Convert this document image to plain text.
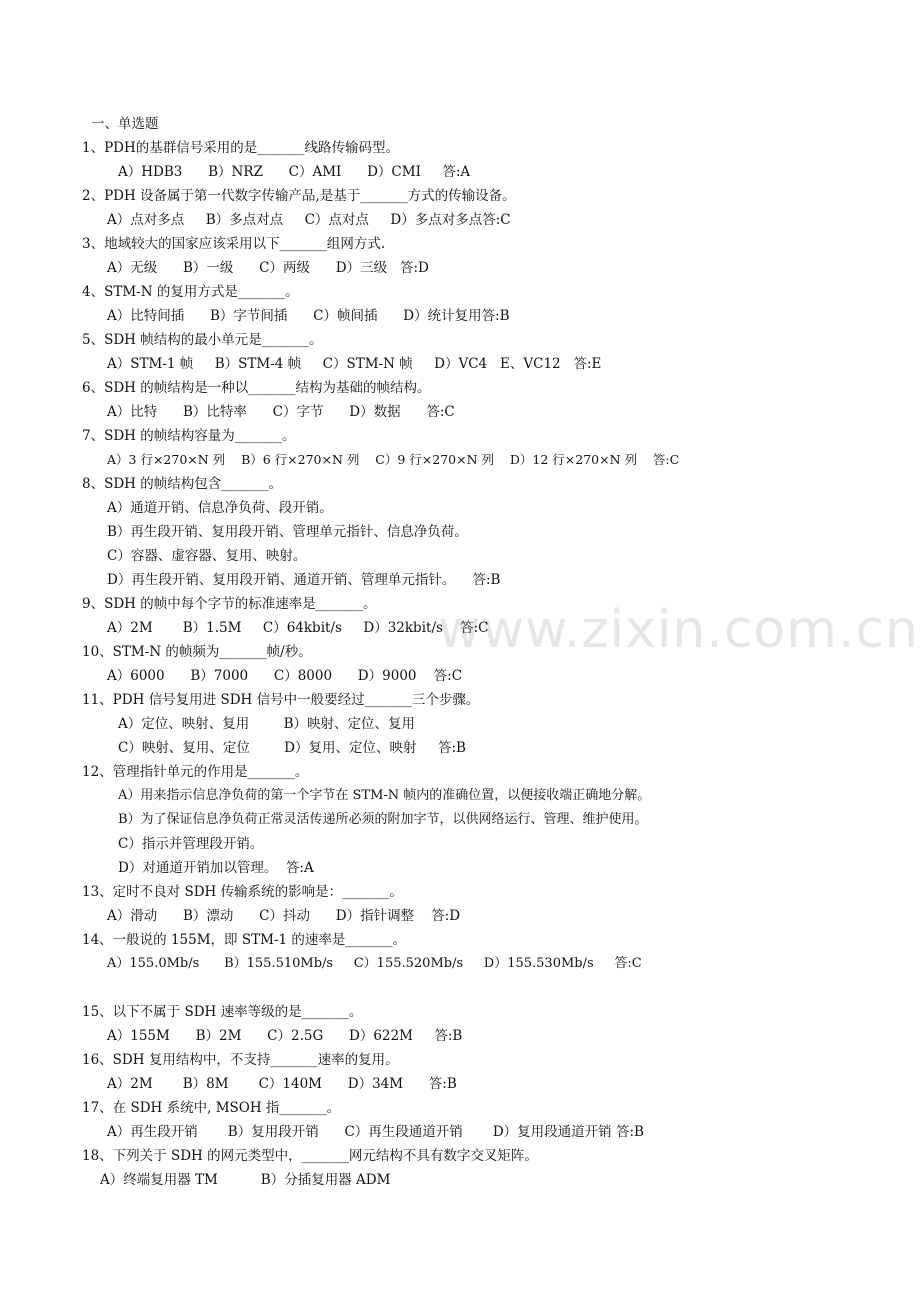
www.zixin.com.cn
一、单选题
1、PDH的基群信号采用的是_______线路传输码型。
A）HDB3      B）NRZ      C）AMI      D）CMI     答:A
2、PDH 设备属于第一代数字传输产品,是基于_______方式的传输设备。
A）点对多点     B）多点对点     C）点对点     D）多点对多点答:C
3、地域较大的国家应该采用以下_______组网方式.
A）无级      B）一级      C）两级      D）三级   答:D
4、STM-N 的复用方式是_______。
A）比特间插      B）字节间插      C）帧间插      D）统计复用答:B
5、SDH 帧结构的最小单元是_______。
A）STM-1 帧     B）STM-4 帧     C）STM-N 帧     D）VC4   E、VC12   答:E
6、SDH 的帧结构是一种以_______结构为基础的帧结构。
A）比特      B）比特率      C）字节      D）数据      答:C
7、SDH 的帧结构容量为_______。
A）3 行×270×N 列    B）6 行×270×N 列    C）9 行×270×N 列    D）12 行×270×N 列    答:C
8、SDH 的帧结构包含_______。
A）通道开销、信息净负荷、段开销。
B）再生段开销、复用段开销、管理单元指针、信息净负荷。
C）容器、虚容器、复用、映射。
D）再生段开销、复用段开销、通道开销、管理单元指针。    答:B
9、SDH 的帧中每个字节的标准速率是_______。
A）2M       B）1.5M     C）64kbit/s     D）32kbit/s    答:C
10、STM-N 的帧频为_______帧/秒。
A）6000      B）7000      C）8000      D）9000    答:C
11、PDH 信号复用进 SDH 信号中一般要经过_______三个步骤。
A）定位、映射、复用        B）映射、定位、复用
C）映射、复用、定位        D）复用、定位、映射     答:B
12、管理指针单元的作用是_______。
A）用来指示信息净负荷的第一个字节在 STM-N 帧内的准确位置，以便接收端正确地分解。
B）为了保证信息净负荷正常灵活传递所必须的附加字节，以供网络运行、管理、维护使用。
C）指示并管理段开销。
D）对通道开销加以管理。  答:A
13、定时不良对 SDH 传输系统的影响是：_______。
A）滑动      B）漂动      C）抖动      D）指针调整    答:D
14、一般说的 155M，即 STM-1 的速率是_______。
A）155.0Mb/s      B）155.510Mb/s     C）155.520Mb/s     D）155.530Mb/s     答:C
15、以下不属于 SDH 速率等级的是_______。
A）155M      B）2M      C）2.5G      D）622M     答:B
16、SDH 复用结构中，不支持_______速率的复用。
A）2M       B）8M       C）140M      D）34M      答:B
17、在 SDH 系统中, MSOH 指_______。
A）再生段开销       B）复用段开销      C）再生段通道开销       D）复用段通道开销 答:B
18、下列关于 SDH 的网元类型中，_______网元结构不具有数字交叉矩阵。
A）终端复用器 TM          B）分插复用器 ADM
